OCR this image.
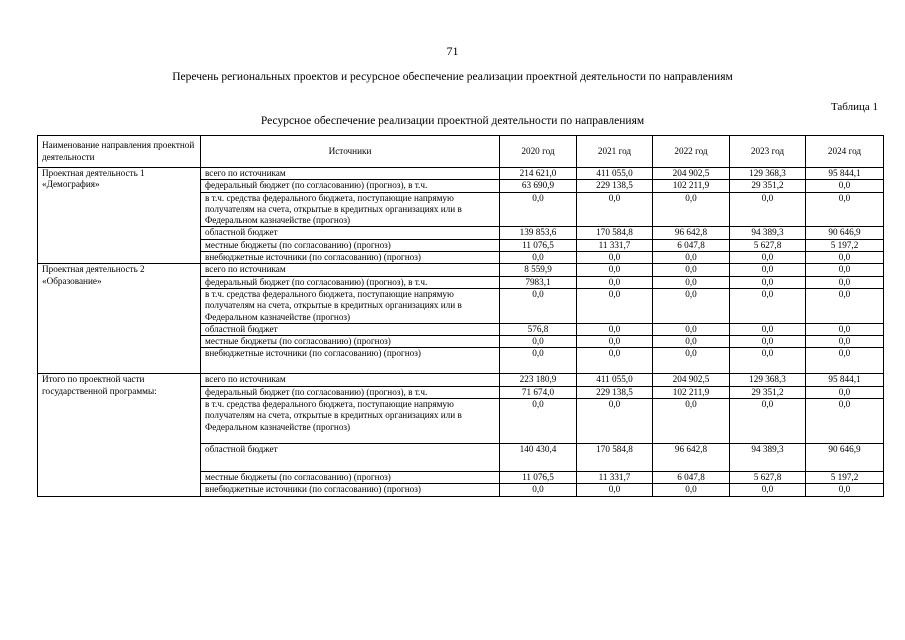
71
Перечень региональных проектов и ресурсное обеспечение реализации проектной деятельности по направлениям
Таблица 1
Ресурсное обеспечение реализации проектной деятельности по направлениям
Наименование направления проектной деятельности	Источники	2020 год	2021 год	2022 год	2023 год	2024 год
Проектная деятельность 1 «Демография»	всего по источникам	214 621,0	411 055,0	204 902,5	129 368,3	95 844,1
	федеральный бюджет (по согласованию) (прогноз), в т.ч.	63 690,9	229 138,5	102 211,9	29 351,2	0,0
	в т.ч. средства федерального бюджета, поступающие напрямую получателям на счета, открытые в кредитных организациях или в Федеральном казначействе (прогноз)	0,0	0,0	0,0	0,0	0,0
	областной бюджет	139 853,6	170 584,8	96 642,8	94 389,3	90 646,9
	местные бюджеты (по согласованию) (прогноз)	11 076,5	11 331,7	6 047,8	5 627,8	5 197,2
	внебюджетные источники (по согласованию) (прогноз)	0,0	0,0	0,0	0,0	0,0
Проектная деятельность 2 «Образование»	всего по источникам	8 559,9	0,0	0,0	0,0	0,0
	федеральный бюджет (по согласованию) (прогноз), в т.ч.	7983,1	0,0	0,0	0,0	0,0
	в т.ч. средства федерального бюджета, поступающие напрямую получателям на счета, открытые в кредитных организациях или в Федеральном казначействе (прогноз)	0,0	0,0	0,0	0,0	0,0
	областной бюджет	576,8	0,0	0,0	0,0	0,0
	местные бюджеты (по согласованию) (прогноз)	0,0	0,0	0,0	0,0	0,0
	внебюджетные источники (по согласованию) (прогноз)	0,0	0,0	0,0	0,0	0,0
Итого по проектной части государственной программы:	всего по источникам	223 180,9	411 055,0	204 902,5	129 368,3	95 844,1
	федеральный бюджет (по согласованию) (прогноз), в т.ч.	71 674,0	229 138,5	102 211,9	29 351,2	0,0
	в т.ч. средства федерального бюджета, поступающие напрямую получателям на счета, открытые в кредитных организациях или в Федеральном казначействе (прогноз)	0,0	0,0	0,0	0,0	0,0
	областной бюджет	140 430,4	170 584,8	96 642,8	94 389,3	90 646,9
	местные бюджеты (по согласованию) (прогноз)	11 076,5	11 331,7	6 047,8	5 627,8	5 197,2
	внебюджетные источники (по согласованию) (прогноз)	0,0	0,0	0,0	0,0	0,0
